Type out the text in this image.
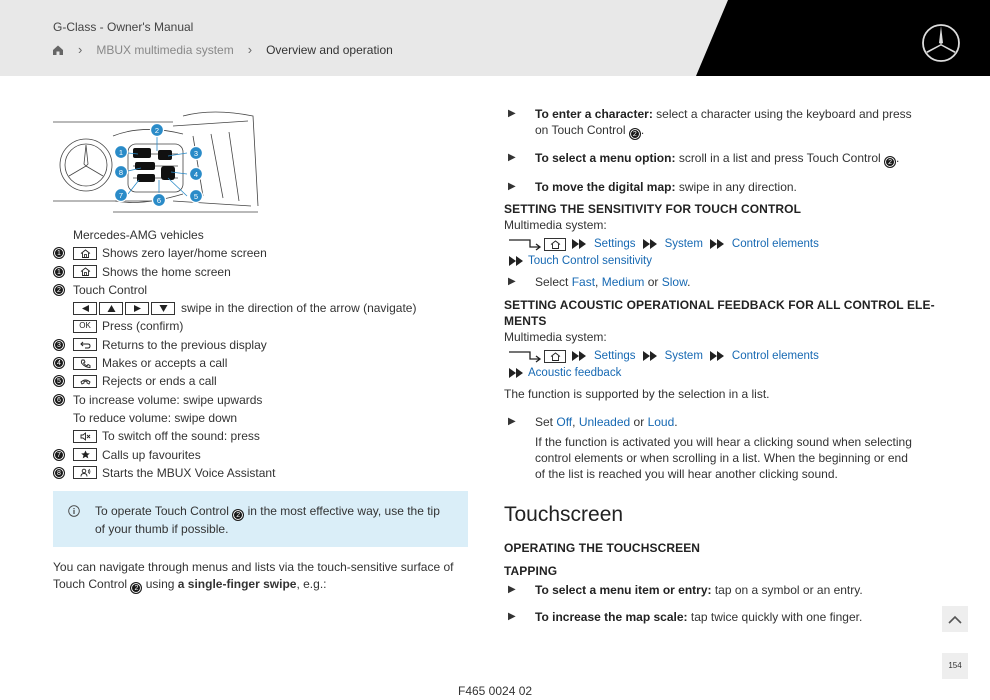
G-Class - Owner's Manual
› MBUX multimedia system › Overview and operation
2
1	3
8	4
7
6	5
Mercedes-AMG vehicles
1	Shows zero layer/home screen
1	Shows the home screen
2	Touch Control
swipe in the direction of the arrow (navigate)
OK Press (confirm)
3	Returns to the previous display
4	Makes or accepts a call
5	Rejects or ends a call
6	To increase volume: swipe upwards
To reduce volume: swipe down
To switch off the sound: press
7	Calls up favourites
8	Starts the MBUX Voice Assistant
To operate Touch Control 2 in the most effective way, use the tip of your thumb if possible.
You can navigate through menus and lists via the touch-sensitive surface of Touch Control 2 using a single-finger swipe, e.g.:
▶ To enter a character: select a character using the keyboard and press on Touch Control 2 .
▶ To select a menu option: scroll in a list and press Touch Control 2 .
▶ To move the digital map: swipe in any direction.
SETTING THE SENSITIVITY FOR TOUCH CONTROL
Multimedia system:
Settings	System	Control elements
Touch Control sensitivity
▶ Select Fast, Medium or Slow.
SETTING ACOUSTIC OPERATIONAL FEEDBACK FOR ALL CONTROL ELE-
MENTS
Multimedia system:
Settings	System	Control elements
Acoustic feedback
The function is supported by the selection in a list.
▶ Set Off, Unleaded or Loud.
If the function is activated you will hear a clicking sound when selecting control elements or when scrolling in a list. When the beginning or end of the list is reached you will hear another clicking sound.
Touchscreen
OPERATING THE TOUCHSCREEN
TAPPING
▶ To select a menu item or entry: tap on a symbol or an entry.
▶ To increase the map scale: tap twice quickly with one finger.
154
F465 0024 02
